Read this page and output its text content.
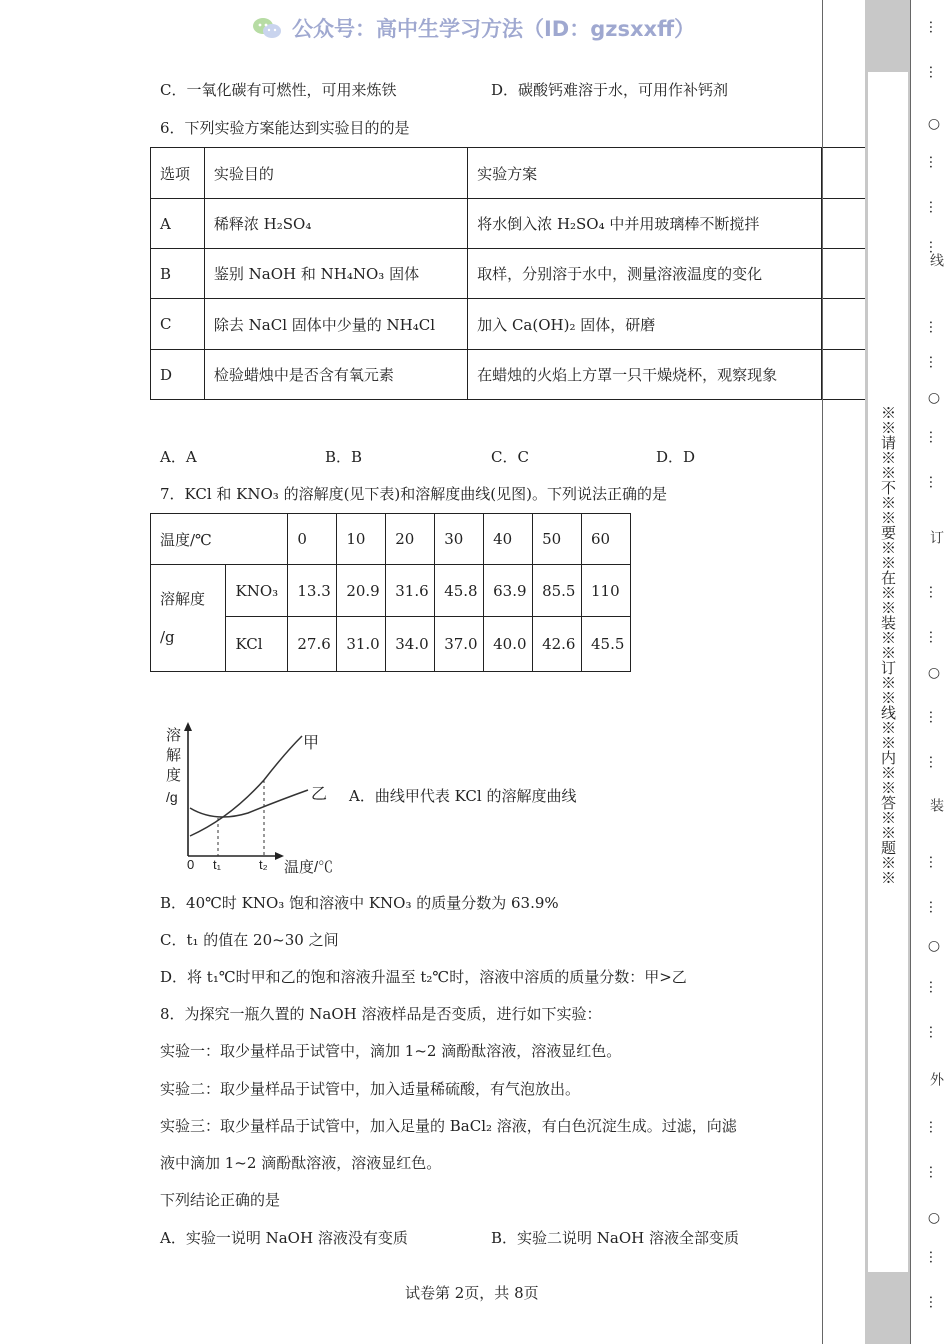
公众号：高中生学习方法（ID：gzsxxff）
C．一氧化碳有可燃性，可用来炼铁	D．碳酸钙难溶于水，可用作补钙剂
6．下列实验方案能达到实验目的的是
选项	实验目的	实验方案	
A	稀释浓 H₂SO₄	将水倒入浓 H₂SO₄ 中并用玻璃棒不断搅拌	
B	鉴别 NaOH 和 NH₄NO₃ 固体	取样，分别溶于水中，测量溶液温度的变化	
C	除去 NaCl 固体中少量的 NH₄Cl	加入 Ca(OH)₂ 固体，研磨	
D	检验蜡烛中是否含有氧元素	在蜡烛的火焰上方罩一只干燥烧杯，观察现象	
A．A	B．B	C．C	D．D
7．KCl 和 KNO₃ 的溶解度(见下表)和溶解度曲线(见图)。下列说法正确的是
温度/℃		0	10	20	30	40	50	60

溶解度
/g	KNO₃	13.3	20.9	31.6	45.8	63.9	85.5	110
	KCl	27.6	31.0	34.0	37.0	40.0	42.6	45.5
溶
解
度
/g
0 t₁	t₂ 温度/℃
甲
乙 A．曲线甲代表 KCl 的溶解度曲线
B．40℃时 KNO₃ 饱和溶液中 KNO₃ 的质量分数为 63.9%
C．t₁ 的值在 20~30 之间
D．将 t₁℃时甲和乙的饱和溶液升温至 t₂℃时，溶液中溶质的质量分数：甲>乙
8．为探究一瓶久置的 NaOH 溶液样品是否变质，进行如下实验：
实验一：取少量样品于试管中，滴加 1~2 滴酚酞溶液，溶液显红色。
实验二：取少量样品于试管中，加入适量稀硫酸，有气泡放出。
实验三：取少量样品于试管中，加入足量的 BaCl₂ 溶液，有白色沉淀生成。过滤，向滤
液中滴加 1~2 滴酚酞溶液，溶液显红色。
下列结论正确的是
A．实验一说明 NaOH 溶液没有变质	B．实验二说明 NaOH 溶液全部变质
试卷第 2页，共 8页
※※请※※不※※要※※在※※装※※订※※线※※内※※答※※题※※
…
…
○
…
…
…
线
…
…
○
…
…
订
…
…
○
…
…
装
…
…
○
…
…
外
…
…
○
…
…
